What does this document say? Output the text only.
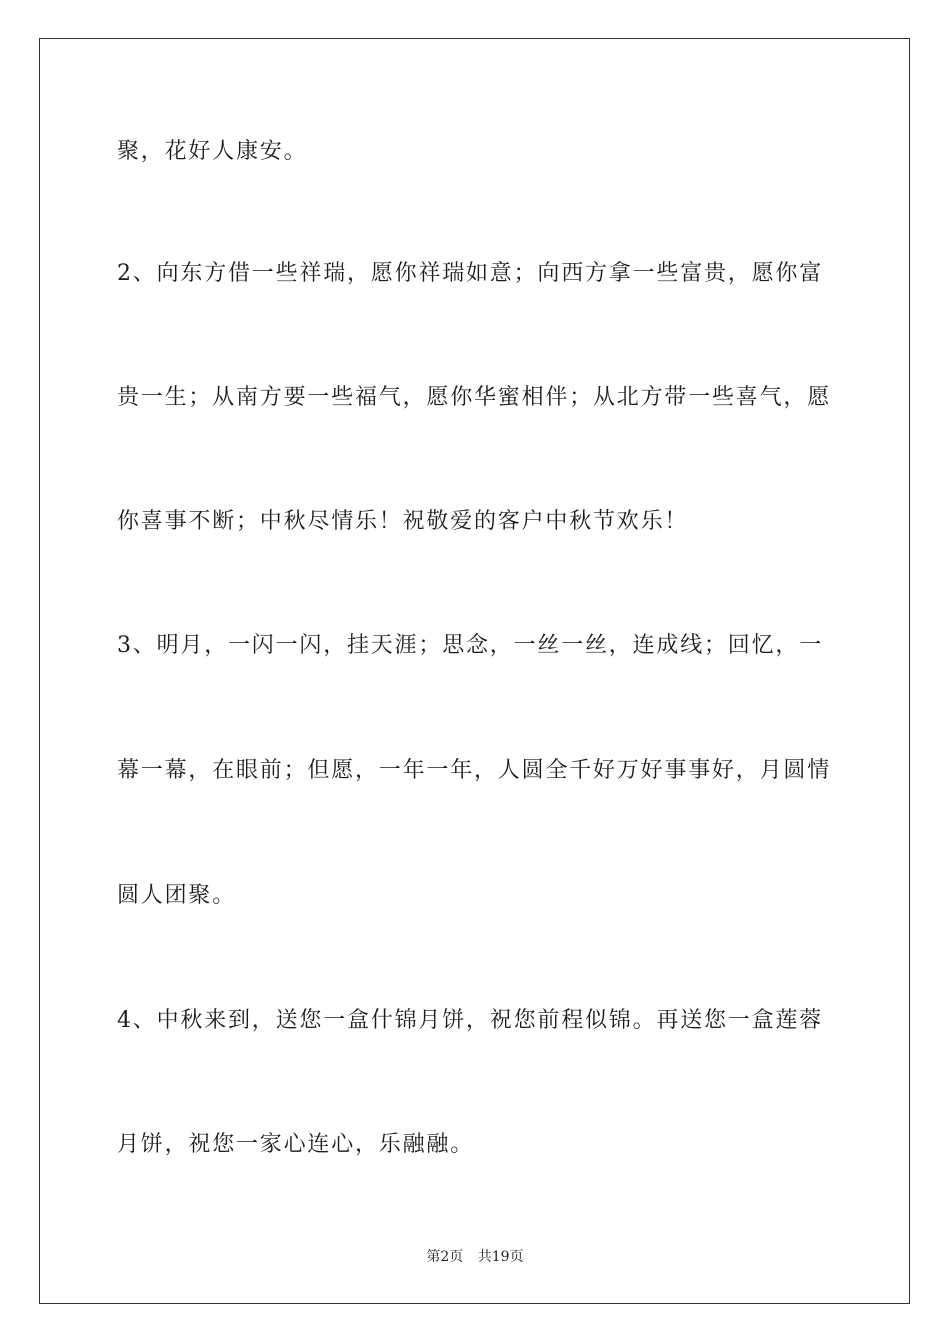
聚，花好人康安。
2、向东方借一些祥瑞，愿你祥瑞如意；向西方拿一些富贵，愿你富
贵一生；从南方要一些福气，愿你华蜜相伴；从北方带一些喜气，愿
你喜事不断；中秋尽情乐！祝敬爱的客户中秋节欢乐！
3、明月，一闪一闪，挂天涯；思念，一丝一丝，连成线；回忆，一
幕一幕，在眼前；但愿，一年一年，人圆全千好万好事事好，月圆情
圆人团聚。
4、中秋来到，送您一盒什锦月饼，祝您前程似锦。再送您一盒莲蓉
月饼，祝您一家心连心，乐融融。
第2页 共19页
